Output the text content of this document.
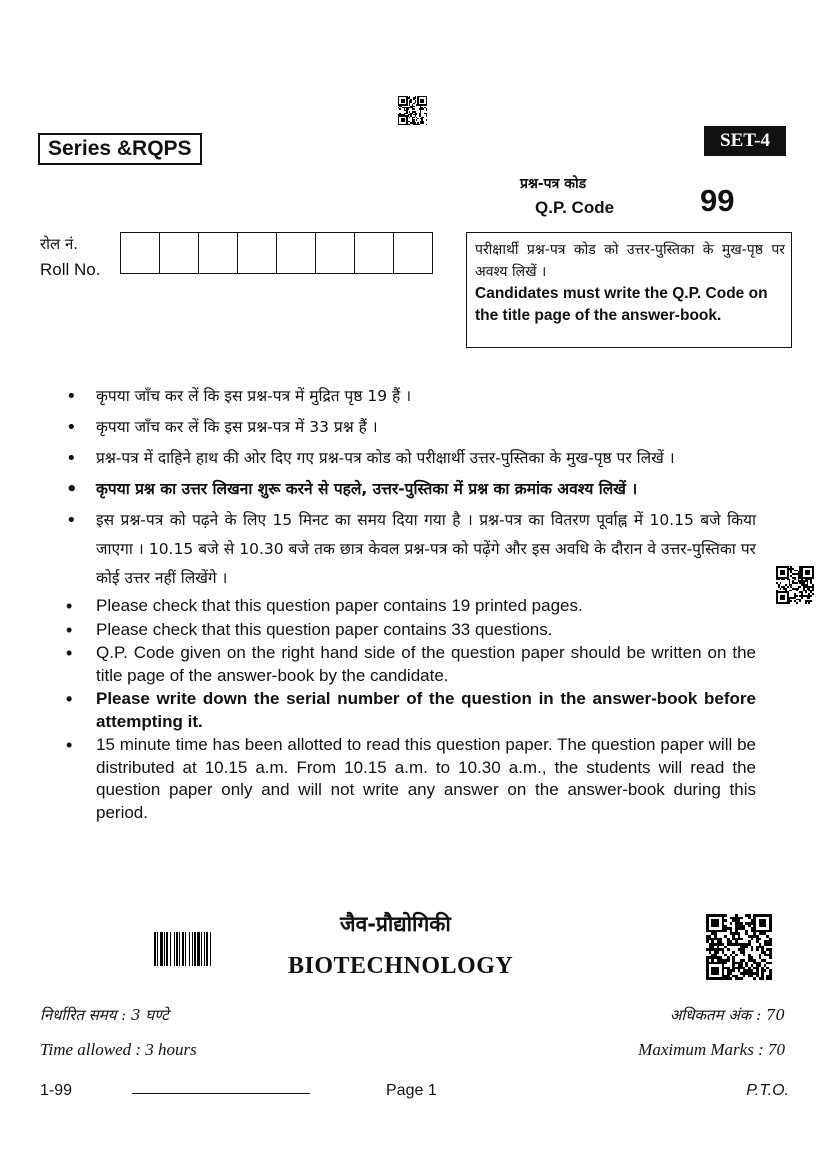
Series &RQPS	SET-4
प्रश्न-पत्र कोड
Q.P. Code	99
रोल नं.
Roll No.
परीक्षार्थी प्रश्न-पत्र कोड को उत्तर-पुस्तिका के मुख-पृष्ठ पर अवश्य लिखें ।
Candidates must write the Q.P. Code on the title page of the answer-book.
• कृपया जाँच कर लें कि इस प्रश्न-पत्र में मुद्रित पृष्ठ 19 हैं ।
• कृपया जाँच कर लें कि इस प्रश्न-पत्र में 33 प्रश्न हैं ।
• प्रश्न-पत्र में दाहिने हाथ की ओर दिए गए प्रश्न-पत्र कोड को परीक्षार्थी उत्तर-पुस्तिका के मुख-पृष्ठ पर लिखें ।
• कृपया प्रश्न का उत्तर लिखना शुरू करने से पहले, उत्तर-पुस्तिका में प्रश्न का क्रमांक अवश्य लिखें ।
• इस प्रश्न-पत्र को पढ़ने के लिए 15 मिनट का समय दिया गया है । प्रश्न-पत्र का वितरण पूर्वाह्न में 10.15 बजे किया जाएगा । 10.15 बजे से 10.30 बजे तक छात्र केवल प्रश्न-पत्र को पढ़ेंगे और इस अवधि के दौरान वे उत्तर-पुस्तिका पर कोई उत्तर नहीं लिखेंगे ।
• Please check that this question paper contains 19 printed pages.
• Please check that this question paper contains 33 questions.
• Q.P. Code given on the right hand side of the question paper should be written on the title page of the answer-book by the candidate.
• Please write down the serial number of the question in the answer-book before attempting it.
• 15 minute time has been allotted to read this question paper. The question paper will be distributed at 10.15 a.m. From 10.15 a.m. to 10.30 a.m., the students will read the question paper only and will not write any answer on the answer-book during this period.
जैव-प्रौद्योगिकी
BIOTECHNOLOGY
निर्धारित समय : 3 घण्टे	अधिकतम अंक : 70
Time allowed : 3 hours	Maximum Marks : 70
1-99	Page 1	P.T.O.
